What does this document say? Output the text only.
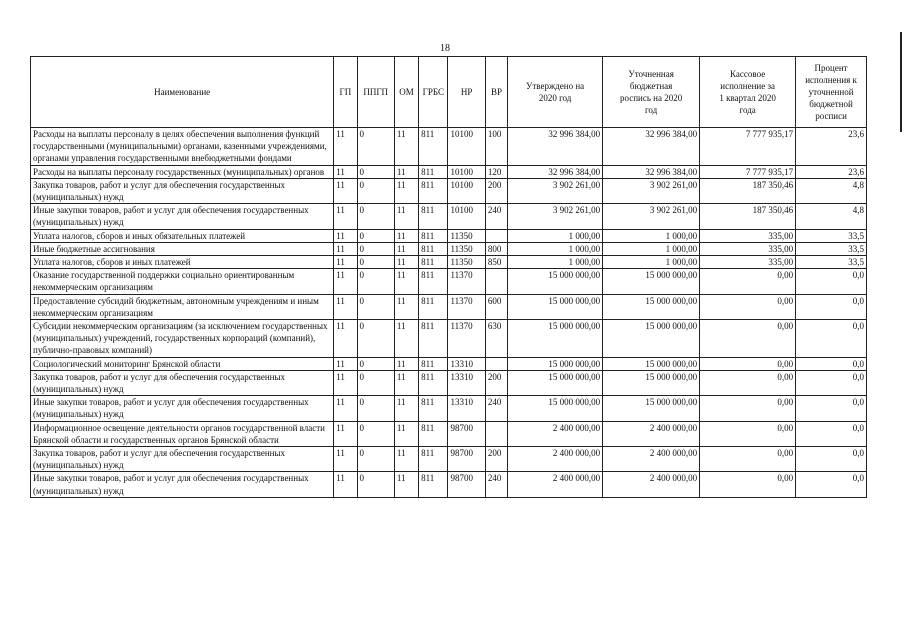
18
Наименование	ГП	ППГП	ОМ	ГРБС	НР	ВР	Утверждено на 2020 год	Уточненная бюджетная роспись на 2020 год	Кассовое исполнение за 1 квартал 2020 года	Процент исполнения к уточненной бюджетной росписи
Расходы на выплаты персоналу в целях обеспечения выполнения функций государственными (муниципальными) органами, казенными учреждениями, органами управления государственными внебюджетными фондами	11	0	11	811	10100	100	32 996 384,00	32 996 384,00	7 777 935,17	23,6
Расходы на выплаты персоналу государственных (муниципальных) органов	11	0	11	811	10100	120	32 996 384,00	32 996 384,00	7 777 935,17	23,6
Закупка товаров, работ и услуг для обеспечения государственных (муниципальных) нужд	11	0	11	811	10100	200	3 902 261,00	3 902 261,00	187 350,46	4,8
Иные закупки товаров, работ и услуг для обеспечения государственных (муниципальных) нужд	11	0	11	811	10100	240	3 902 261,00	3 902 261,00	187 350,46	4,8
Уплата налогов, сборов и иных обязательных платежей	11	0	11	811	11350		1 000,00	1 000,00	335,00	33,5
Иные бюджетные ассигнования	11	0	11	811	11350	800	1 000,00	1 000,00	335,00	33,5
Уплата налогов, сборов и иных платежей	11	0	11	811	11350	850	1 000,00	1 000,00	335,00	33,5
Оказание государственной поддержки социально ориентированным некоммерческим организациям	11	0	11	811	11370		15 000 000,00	15 000 000,00	0,00	0,0
Предоставление субсидий бюджетным, автономным учреждениям и иным некоммерческим организациям	11	0	11	811	11370	600	15 000 000,00	15 000 000,00	0,00	0,0
Субсидии некоммерческим организациям (за исключением государственных (муниципальных) учреждений, государственных корпораций (компаний), публично-правовых компаний)	11	0	11	811	11370	630	15 000 000,00	15 000 000,00	0,00	0,0
Социологический мониторинг Брянской области	11	0	11	811	13310		15 000 000,00	15 000 000,00	0,00	0,0
Закупка товаров, работ и услуг для обеспечения государственных (муниципальных) нужд	11	0	11	811	13310	200	15 000 000,00	15 000 000,00	0,00	0,0
Иные закупки товаров, работ и услуг для обеспечения государственных (муниципальных) нужд	11	0	11	811	13310	240	15 000 000,00	15 000 000,00	0,00	0,0
Информационное освещение деятельности органов государственной власти Брянской области и государственных органов Брянской области	11	0	11	811	98700		2 400 000,00	2 400 000,00	0,00	0,0
Закупка товаров, работ и услуг для обеспечения государственных (муниципальных) нужд	11	0	11	811	98700	200	2 400 000,00	2 400 000,00	0,00	0,0
Иные закупки товаров, работ и услуг для обеспечения государственных (муниципальных) нужд	11	0	11	811	98700	240	2 400 000,00	2 400 000,00	0,00	0,0
